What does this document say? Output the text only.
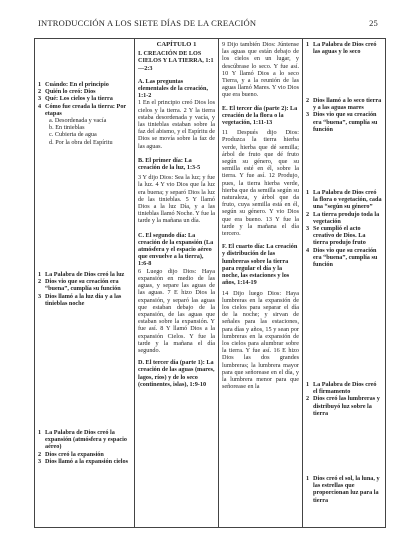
INTRODUCCIÓN A LOS SIETE DÍAS DE LA CREACIÓN	25
1 Cuándo: En el principio
2 Quién lo creó: Dios
3 Qué: Los cielos y la tierra
4 Cómo fue creada la tierra: Por etapas
a. Desordenada y vacía
b. En tinieblas
c. Cubierta de agua
d. Por la obra del Espíritu
1 La Palabra de Dios creó la luz
2 Dios vio que su creación era “buena”, cumplía su función
3 Dios llamó a la luz día y a las tinieblas noche
1 La Palabra de Dios creó la expansión (atmósfera y espacio aéreo)
2 Dios creó la expansión
3 Dios llamó a la expansión cielos
CAPÍTULO 1
I. CREACIÓN DE LOS CIELOS Y LA TIERRA, 1:1—2:3
A. Las preguntas elementales de la creación, 1:1-2
1 En el principio creó Dios los cielos y la tierra. 2 Y la tierra estaba desordenada y vacía, y las tinieblas estaban sobre la faz del abismo, y el Espíritu de Dios se movía sobre la faz de las aguas.
B. El primer día: La creación de la luz, 1:3-5
3 Y dijo Dios: Sea la luz; y fue la luz. 4 Y vio Dios que la luz era buena; y separó Dios la luz de las tinieblas. 5 Y llamó Dios a la luz Día, y a las tinieblas llamó Noche. Y fue la tarde y la mañana un día.
C. El segundo día: La creación de la expansión (La atmósfera y el espacio aéreo que envuelve a la tierra), 1:6-8
6 Luego dijo Dios: Haya expansión en medio de las aguas, y separe las aguas de las aguas. 7 E hizo Dios la expansión, y separó las aguas que estaban debajo de la expansión, de las aguas que estaban sobre la expansión. Y fue así. 8 Y llamó Dios a la expansión Cielos. Y fue la tarde y la mañana el día segundo.
D. El tercer día (parte 1): La creación de las aguas (mares, lagos, ríos) y de lo seco (continentes, islas), 1:9-10
9 Dijo también Dios: Júntense las aguas que están debajo de los cielos en un lugar, y descúbrase lo seco. Y fue así. 10 Y llamó Dios a lo seco Tierra, y a la reunión de las aguas llamó Mares. Y vio Dios que era bueno.
E. El tercer día (parte 2): La creación de la flora o la vegetación, 1:11-13
11 Después dijo Dios: Produzca la tierra hierba verde, hierba que dé semilla; árbol de fruto que dé fruto según su género, que su semilla esté en él, sobre la tierra. Y fue así. 12 Produjo, pues, la tierra hierba verde, hierba que da semilla según su naturaleza, y árbol que da fruto, cuya semilla está en él, según su género. Y vio Dios que era bueno. 13 Y fue la tarde y la mañana el día tercero.
F. El cuarto día: La creación y distribución de las lumbreras sobre la tierra para regular el día y la noche, las estaciones y los años, 1:14-19
14 Dijo luego Dios: Haya lumbreras en la expansión de los cielos para separar el día de la noche; y sirvan de señales para las estaciones, para días y años, 15 y sean por lumbreras en la expansión de los cielos para alumbrar sobre la tierra. Y fue así. 16 E hizo Dios las dos grandes lumbreras; la lumbrera mayor para que señorease en el día, y la lumbrera menor para que señorease en la
1 La Palabra de Dios creó las aguas y lo seco
2 Dios llamó a lo seco tierra y a las aguas mares
3 Dios vio que su creación era “buena”, cumplía su función
1 La Palabra de Dios creó la flora o vegetación, cada una “según su género”
2 La tierra produjo toda la vegetación
3 Se cumplió el acto creativo de Dios. La tierra produjo fruto
4 Dios vio que su creación era “buena”, cumplía su función
1 La Palabra de Dios creó el firmamento
2 Dios creó las lumbreras y distribuyó luz sobre la tierra
1 Dios creó el sol, la luna, y las estrellas que proporcionan luz para la tierra
